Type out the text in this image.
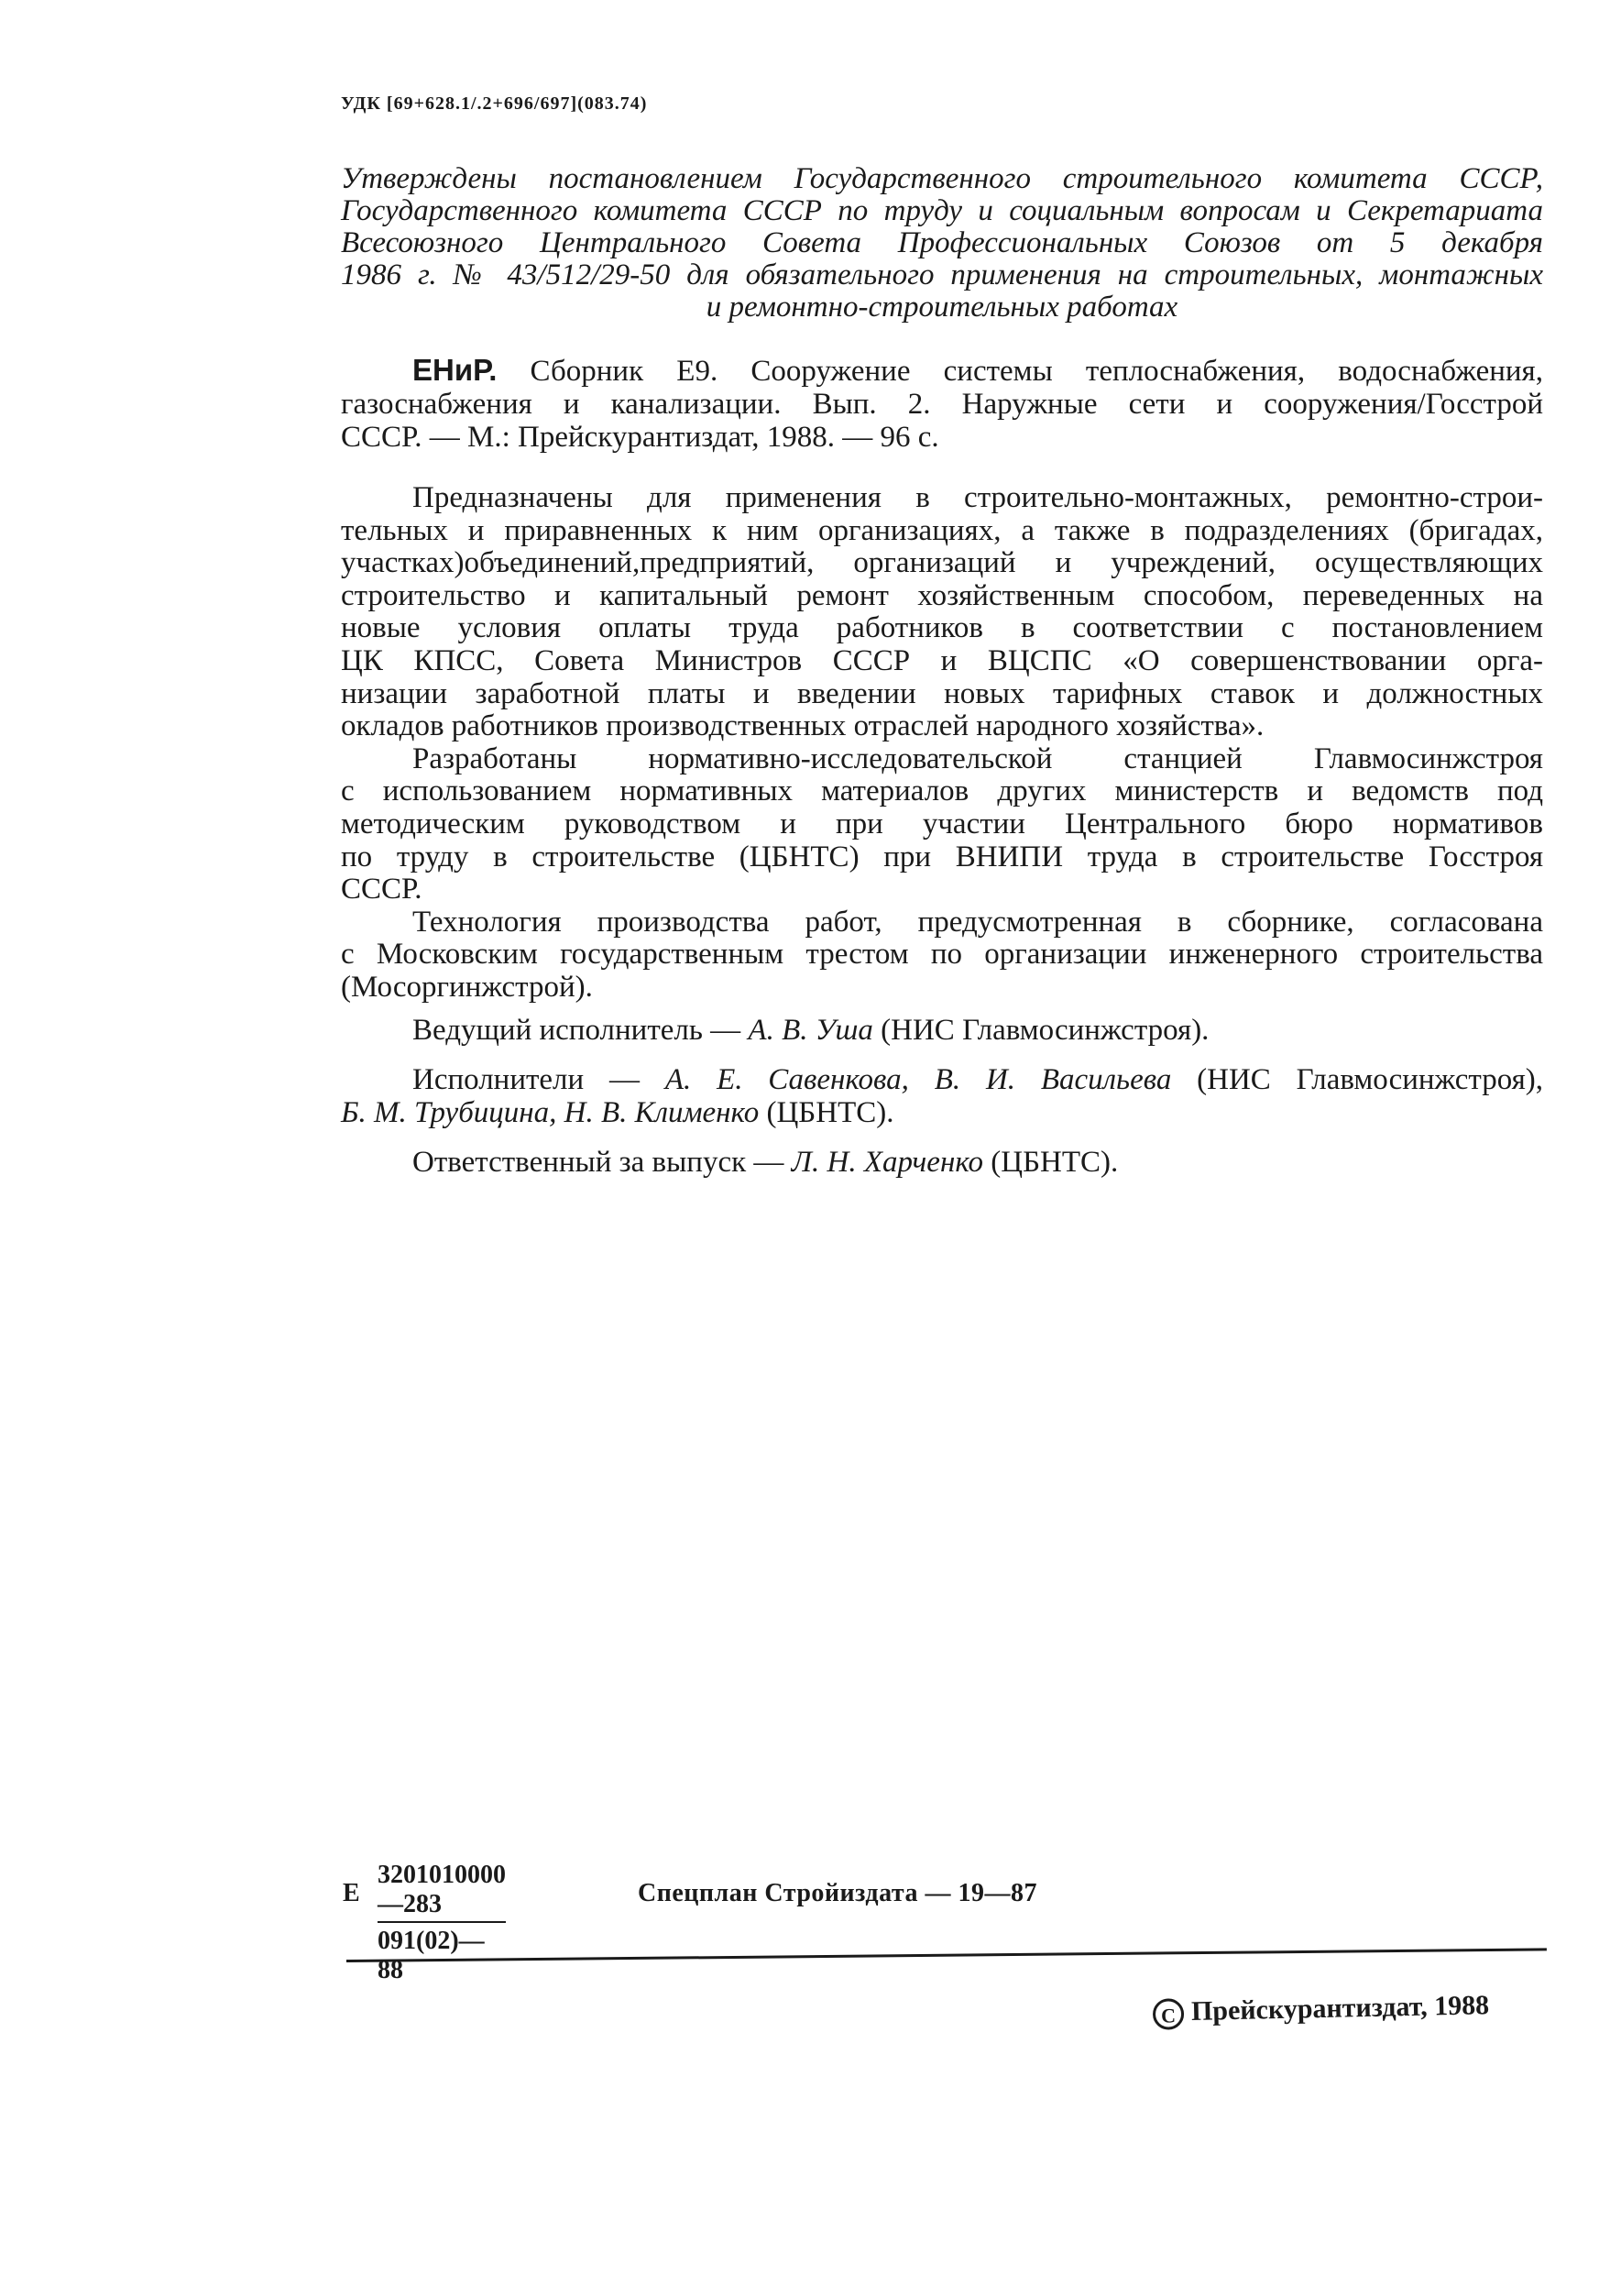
УДК [69+628.1/.2+696/697](083.74)

Утверждены постановлением Государственного строительного комитета СССР,

Государственного комитета СССР по труду и социальным вопросам и Секретариата

Всесоюзного Центрального Совета Профессиональных Союзов от 5 декабря

1986 г. № 43/512/29-50 для обязательного применения на строительных, монтажных

и ремонтно-строительных работах

ЕНиР. Сборник Е9. Сооружение системы теплоснабжения, водоснабжения,

газоснабжения и канализации. Вып. 2. Наружные сети и сооружения/Госстрой

СССР. — М.: Прейскурантиздат, 1988. — 96 с.

Предназначены для применения в строительно-монтажных, ремонтно-строи-
тельных и приравненных к ним организациях, а также в подразделениях (бригадах,
участках)объединений,предприятий, организаций и учреждений, осуществляющих
строительство и капитальный ремонт хозяйственным способом, переведенных на
новые условия оплаты труда работников в соответствии с постановлением
ЦК КПСС, Совета Министров СССР и ВЦСПС «О совершенствовании орга-
низации заработной платы и введении новых тарифных ставок и должностных
окладов работников производственных отраслей народного хозяйства».
Разработаны нормативно-исследовательской станцией Главмосинжстроя
с использованием нормативных материалов других министерств и ведомств под
методическим руководством и при участии Центрального бюро нормативов
по труду в строительстве (ЦБНТС) при ВНИПИ труда в строительстве Госстроя
СССР.
Технология производства работ, предусмотренная в сборнике, согласована
с Московским государственным трестом по организации инженерного строительства
(Мосоргинжстрой).

Ведущий исполнитель — А. В. Уша (НИС Главмосинжстроя).

Исполнители — А. Е. Савенкова, В. И. Васильева (НИС Главмосинжстроя),
Б. М. Трубицина, Н. В. Клименко (ЦБНТС).

Ответственный за выпуск — Л. Н. Харченко (ЦБНТС).

Е $\frac{3201010000—283}{091(02)—88}$	Спецплан Стройиздата — 19—87
C Прейскурантиздат, 1988
